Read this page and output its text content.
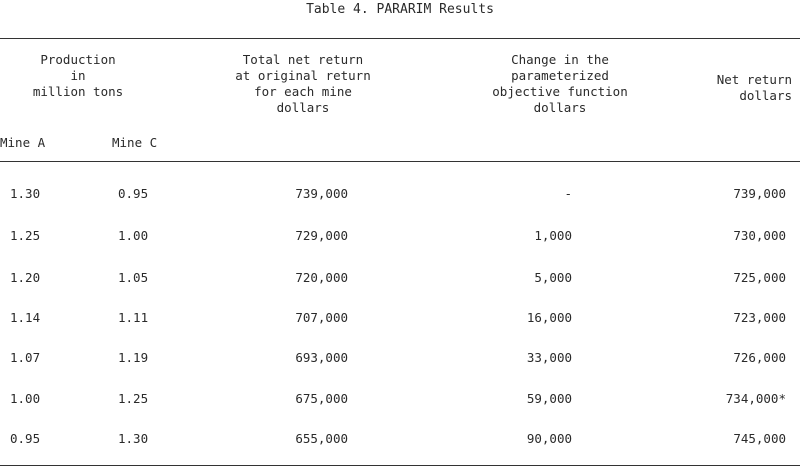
Table 4. PARARIM Results
Production
in
million tons
Total net return
at original return
for each mine
dollars
Change in the
parameterized
objective function
dollars
Net return
dollars
Mine A	Mine C
1.30	0.95	739,000	-	739,000
1.25	1.00	729,000	1,000	730,000
1.20	1.05	720,000	5,000	725,000
1.14	1.11	707,000	16,000	723,000
1.07	1.19	693,000	33,000	726,000
1.00	1.25	675,000	59,000	734,000*
0.95	1.30	655,000	90,000	745,000
